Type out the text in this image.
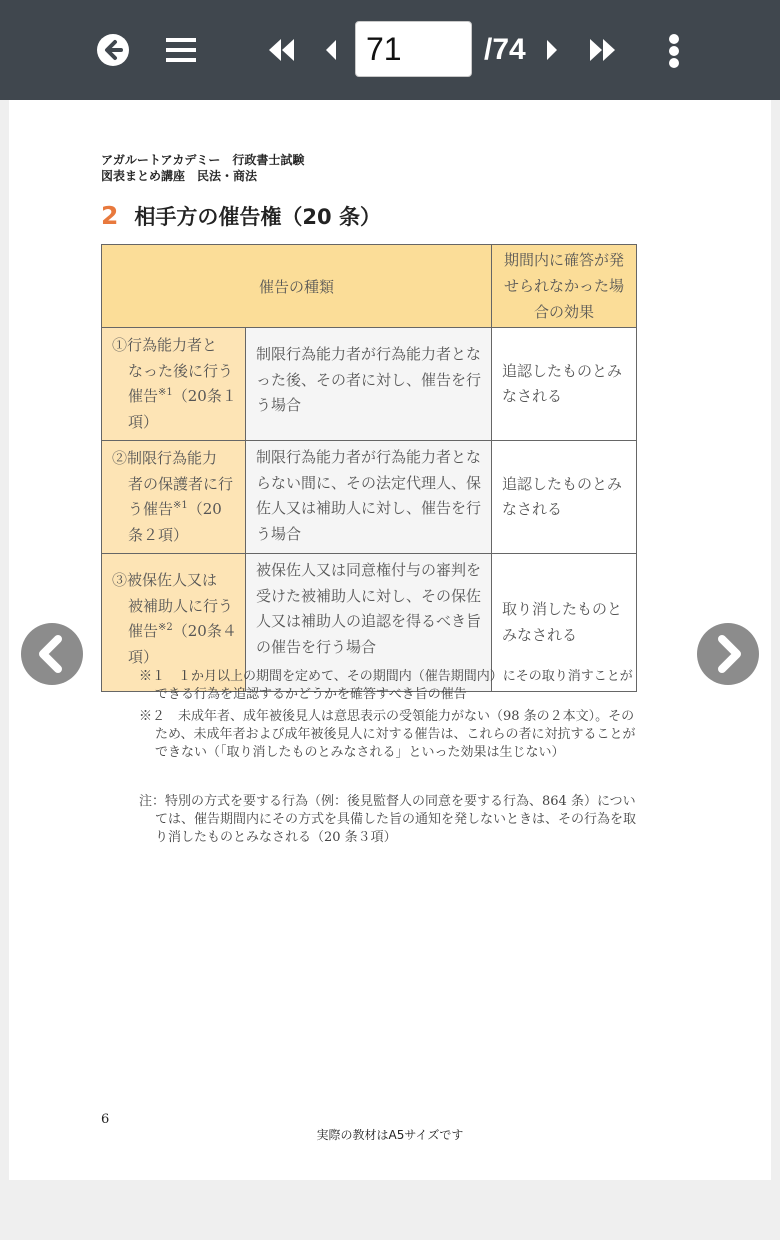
71
/74
アガルートアカデミー　行政書士試験
図表まとめ講座　民法・商法
2 相手方の催告権（20 条）
催告の種類		期間内に確答が発せられなかった場合の効果
①行為能力者と
なった後に行う催告$^{※1}$（20条１項）	制限行為能力者が行為能力者となった後、その者に対し、催告を行う場合	追認したものとみなされる
②制限行為能力
者の保護者に行う催告$^{※1}$（20 条２項）	制限行為能力者が行為能力者とならない間に、その法定代理人、保佐人又は補助人に対し、催告を行う場合	追認したものとみなされる
③被保佐人又は
被補助人に行う催告$^{※2}$（20条４項）	被保佐人又は同意権付与の審判を受けた被補助人に対し、その保佐人又は補助人の追認を得るべき旨の催告を行う場合	取り消したものとみなされる
※１　１か月以上の期間を定めて、その期間内（催告期間内）にその取り消すことができる行為を追認するかどうかを確答すべき旨の催告
※２　未成年者、成年被後見人は意思表示の受領能力がない（98 条の２本文）。そのため、未成年者および成年被後見人に対する催告は、これらの者に対抗することができない（「取り消したものとみなされる」といった効果は生じない）
注：特別の方式を要する行為（例：後見監督人の同意を要する行為、864 条）については、催告期間内にその方式を具備した旨の通知を発しないときは、その行為を取り消したものとみなされる（20 条３項）
6
実際の教材はA5サイズです
